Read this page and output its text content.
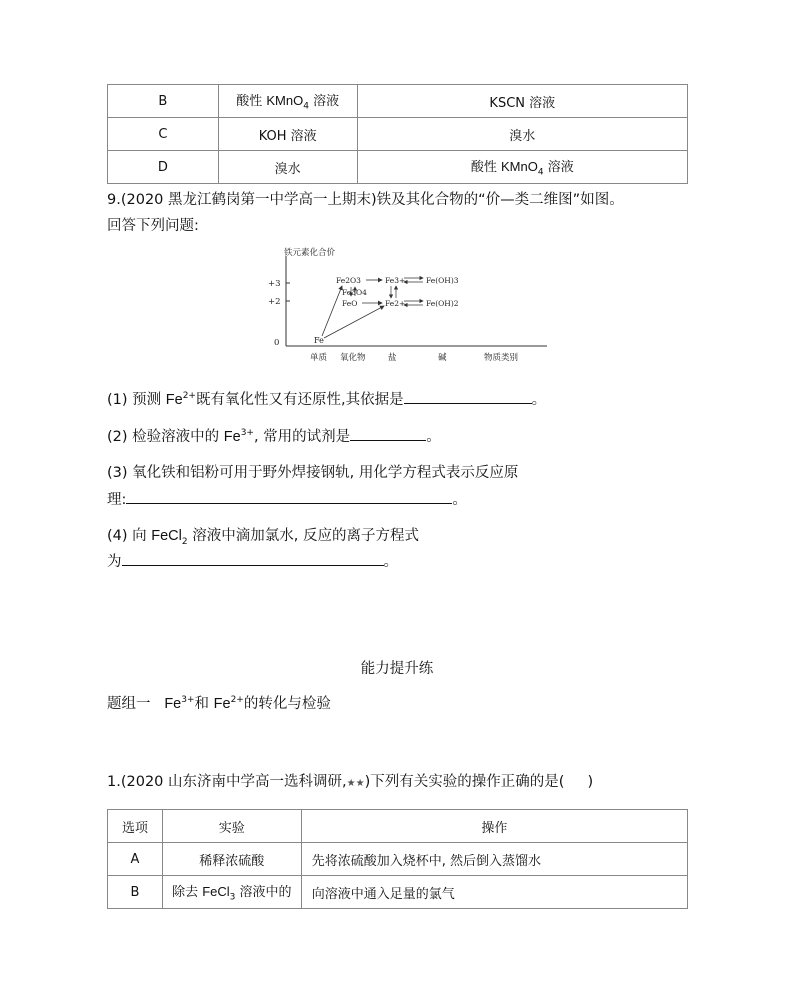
B	酸性 KMnO$_4$ 溶液	KSCN 溶液
C	KOH 溶液	溴水
D	溴水	酸性 KMnO$_4$ 溶液
9.(2020 黑龙江鹤岗第一中学高一上期末)铁及其化合物的“价—类二维图”如图。
回答下列问题:
铁元素化合价
+3
+2
0
单质 氧化物	盐	碱	物质类别
Fe
Fe2O3
Fe3O4
FeO
Fe3+
Fe2+
Fe(OH)3
Fe(OH)2
(1) 预测 $Fe^{2+}$既有氧化性又有还原性,其依据是	。
(2) 检验溶液中的 $Fe^{3+}$, 常用的试剂是	。
(3) 氧化铁和铝粉可用于野外焊接钢轨, 用化学方程式表示反应原
理:	。
(4) 向 FeCl$_2$ 溶液中滴加氯水, 反应的离子方程式
为	。
能力提升练
题组一 $Fe^{3+}$和 $Fe^{2+}$的转化与检验
1.(2020 山东济南中学高一选科调研,★★)下列有关实验的操作正确的是( )
选项	实验	操作
A	稀释浓硫酸	先将浓硫酸加入烧杯中, 然后倒入蒸馏水
B	除去 FeCl$_3$ 溶液中的	向溶液中通入足量的氯气
